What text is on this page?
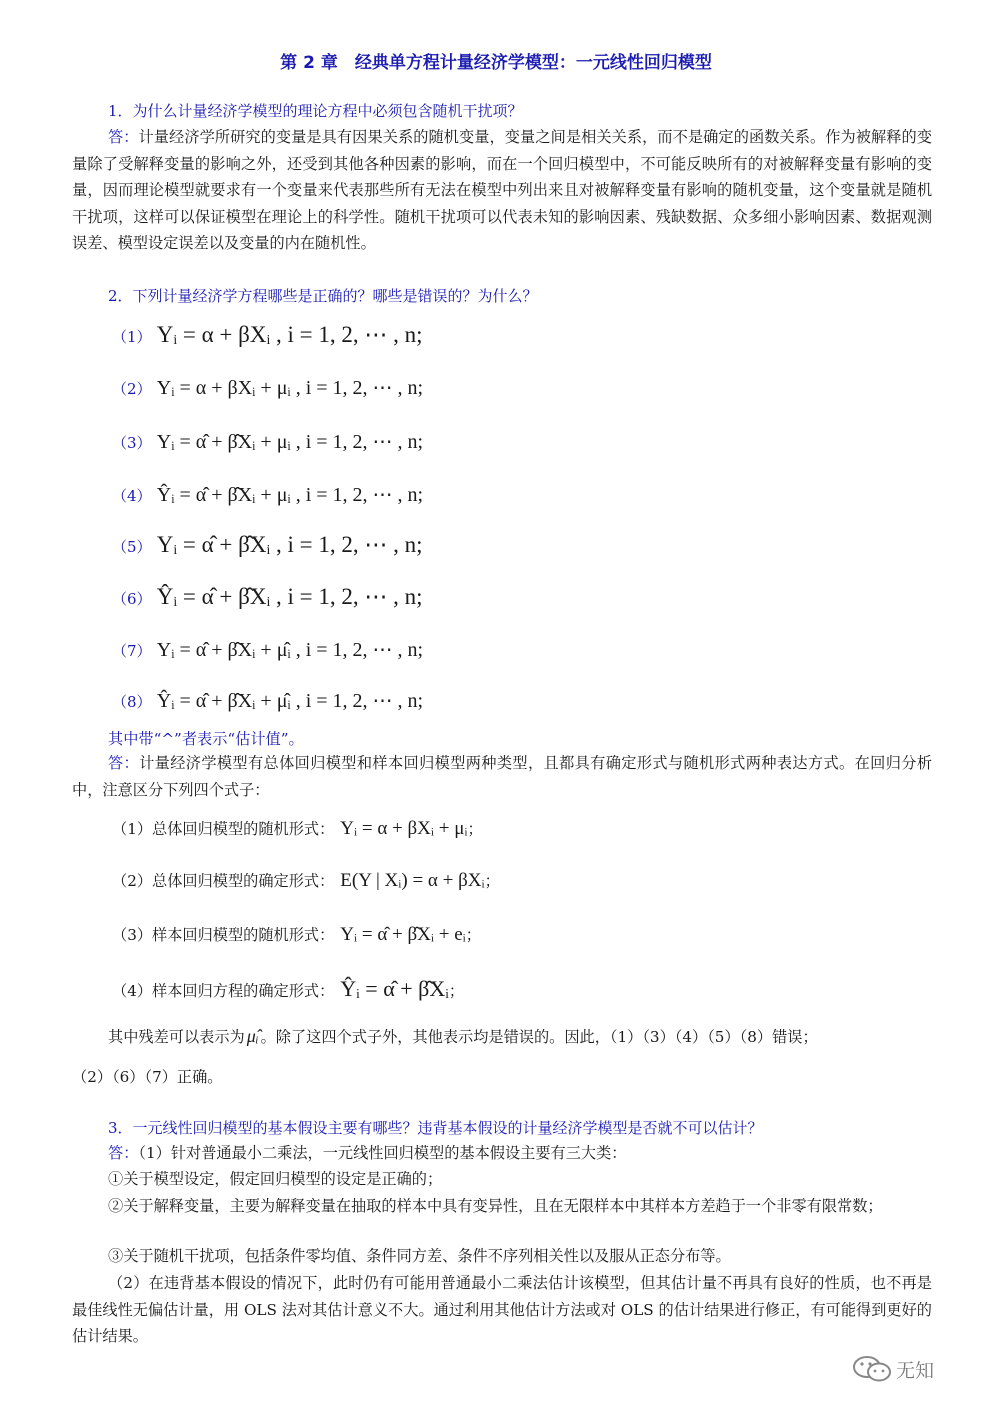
第 2 章　经典单方程计量经济学模型：一元线性回归模型
1．为什么计量经济学模型的理论方程中必须包含随机干扰项？
答：计量经济学所研究的变量是具有因果关系的随机变量，变量之间是相关关系，而不是确定的函数关系。作为被解释的变量除了受解释变量的影响之外，还受到其他各种因素的影响，而在一个回归模型中，不可能反映所有的对被解释变量有影响的变量，因而理论模型就要求有一个变量来代表那些所有无法在模型中列出来且对被解释变量有影响的随机变量，这个变量就是随机干扰项，这样可以保证模型在理论上的科学性。随机干扰项可以代表未知的影响因素、残缺数据、众多细小影响因素、数据观测误差、模型设定误差以及变量的内在随机性。
2．下列计量经济学方程哪些是正确的？哪些是错误的？为什么？
（1） Yᵢ = α + βXᵢ , i = 1, 2, ⋯ , n;
（2） Yᵢ = α + βXᵢ + μᵢ , i = 1, 2, ⋯ , n;
（3） Yᵢ = α̂ + β̂Xᵢ + μᵢ , i = 1, 2, ⋯ , n;
（4） Ŷᵢ = α̂ + β̂Xᵢ + μᵢ , i = 1, 2, ⋯ , n;
（5） Yᵢ = α̂ + β̂Xᵢ , i = 1, 2, ⋯ , n;
（6） Ŷᵢ = α̂ + β̂Xᵢ , i = 1, 2, ⋯ , n;
（7） Yᵢ = α̂ + β̂Xᵢ + μ̂ᵢ , i = 1, 2, ⋯ , n;
（8） Ŷᵢ = α̂ + β̂Xᵢ + μ̂ᵢ , i = 1, 2, ⋯ , n;
其中带“^”者表示“估计值”。
答：计量经济学模型有总体回归模型和样本回归模型两种类型，且都具有确定形式与随机形式两种表达方式。在回归分析中，注意区分下列四个式子：
（1）总体回归模型的随机形式： Yᵢ = α + βXᵢ + μᵢ；
（2）总体回归模型的确定形式： E(Y | Xᵢ) = α + βXᵢ；
（3）样本回归模型的随机形式： Yᵢ = α̂ + β̂Xᵢ + eᵢ；
（4）样本回归方程的确定形式： Ŷᵢ = α̂ + β̂Xᵢ；
其中残差可以表示为 μ̂ᵢ 。除了这四个式子外，其他表示均是错误的。因此，（1）（3）（4）（5）（8）错误；
（2）（6）（7）正确。
3．一元线性回归模型的基本假设主要有哪些？违背基本假设的计量经济学模型是否就不可以估计？
答：（1）针对普通最小二乘法，一元线性回归模型的基本假设主要有三大类：
①关于模型设定，假定回归模型的设定是正确的；
②关于解释变量，主要为解释变量在抽取的样本中具有变异性，且在无限样本中其样本方差趋于一个非零有限常数；
③关于随机干扰项，包括条件零均值、条件同方差、条件不序列相关性以及服从正态分布等。
（2）在违背基本假设的情况下，此时仍有可能用普通最小二乘法估计该模型，但其估计量不再具有良好的性质，也不再是最佳线性无偏估计量，用 OLS 法对其估计意义不大。通过利用其他估计方法或对 OLS 的估计结果进行修正，有可能得到更好的估计结果。
无知
